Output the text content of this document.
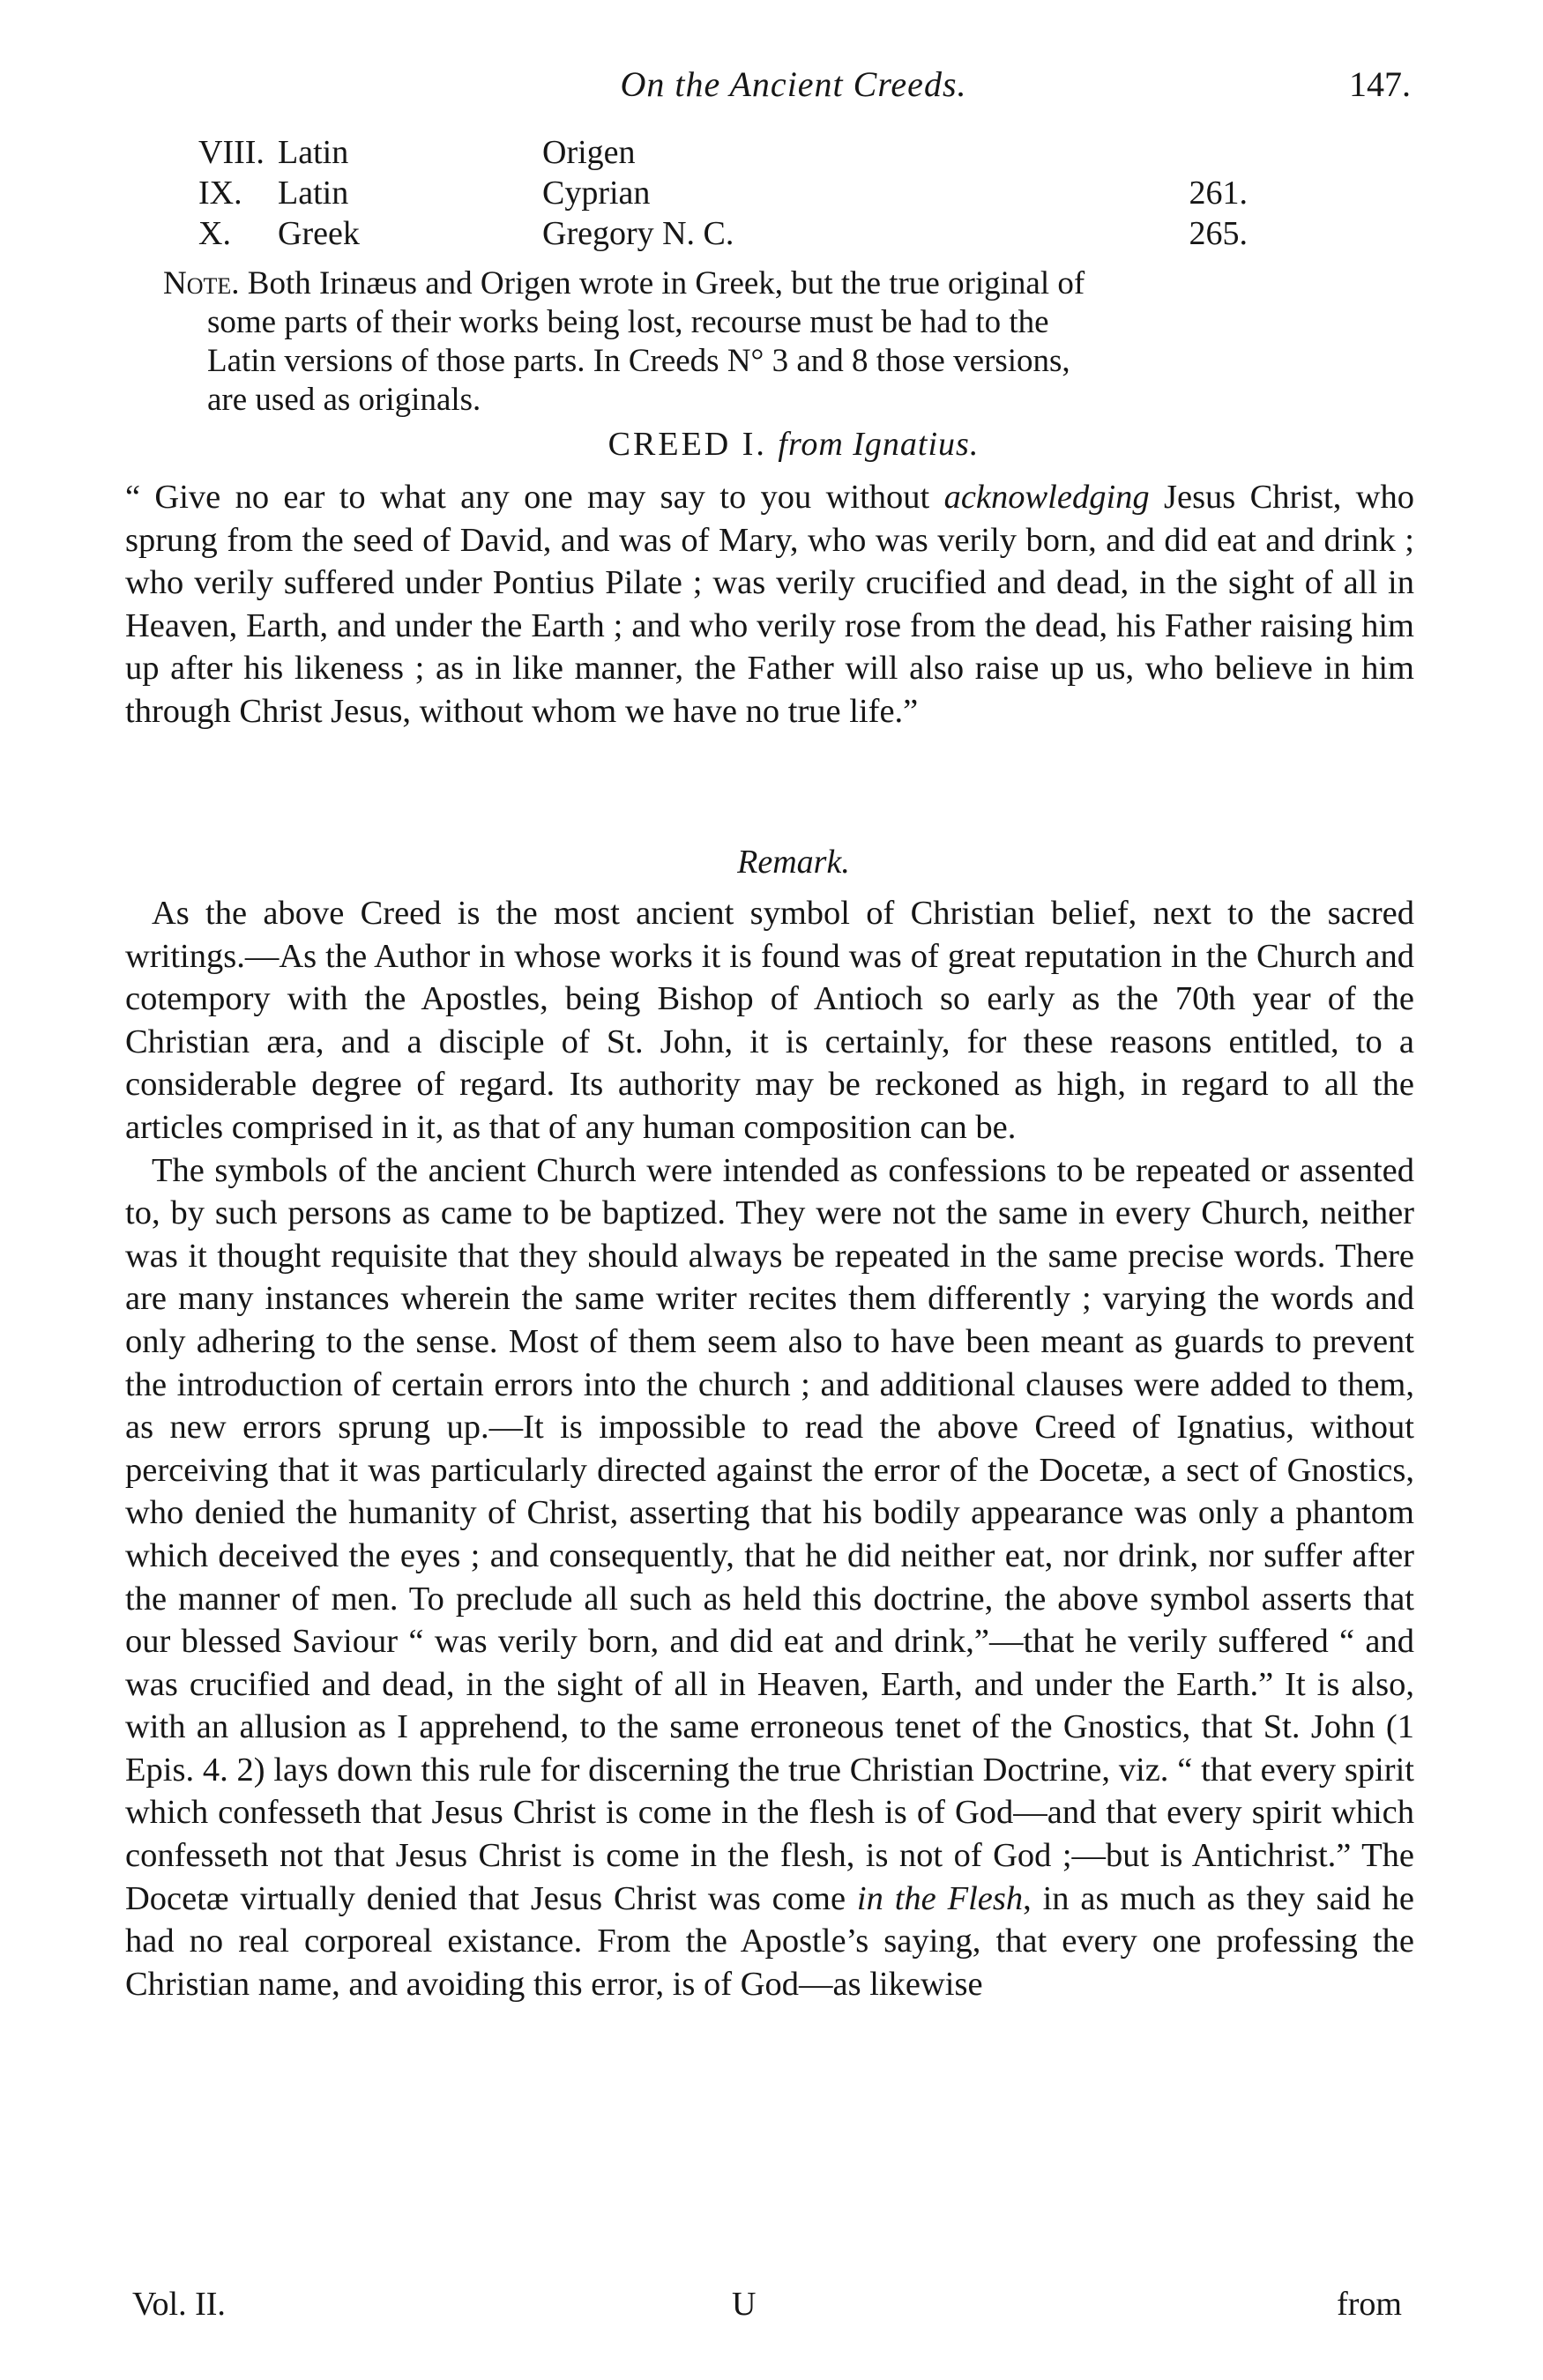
On the Ancient Creeds.	147.
VIII. Latin	Origen
IX.	Latin	Cyprian	261.
X.	Greek	Gregory N. C.	265.
Note. Both Irinæus and Origen wrote in Greek, but the true original of
some parts of their works being lost, recourse must be had to the
Latin versions of those parts. In Creeds N° 3 and 8 those versions,
are used as originals.
CREED I. from Ignatius.

“ Give no ear to what any one may say to you without acknowledging Jesus Christ, who sprung from the seed of David, and was of Mary, who was verily born, and did eat and drink ; who verily suffered under Pontius Pilate ; was verily crucified and dead, in the sight of all in Heaven, Earth, and under the Earth ; and who verily rose from the dead, his Father raising him up after his likeness ; as in like manner, the Father will also raise up us, who believe in him through Christ Jesus, without whom we have no true life.”

Remark.

As the above Creed is the most ancient symbol of Christian belief, next to the sacred writings.—As the Author in whose works it is found was of great reputation in the Church and cotempory with the Apostles, being Bishop of Antioch so early as the 70th year of the Christian æra, and a disciple of St. John, it is certainly, for these reasons entitled, to a considerable degree of regard. Its authority may be reckoned as high, in regard to all the articles comprised in it, as that of any human composition can be.

The symbols of the ancient Church were intended as confessions to be repeated or assented to, by such persons as came to be baptized. They were not the same in every Church, neither was it thought requisite that they should always be repeated in the same precise words. There are many instances wherein the same writer recites them differently ; varying the words and only adhering to the sense. Most of them seem also to have been meant as guards to prevent the introduction of certain errors into the church ; and additional clauses were added to them, as new errors sprung up.—It is impossible to read the above Creed of Ignatius, without perceiving that it was particularly directed against the error of the Docetæ, a sect of Gnostics, who denied the humanity of Christ, asserting that his bodily appearance was only a phantom which deceived the eyes ; and consequently, that he did neither eat, nor drink, nor suffer after the manner of men. To preclude all such as held this doctrine, the above symbol asserts that our blessed Saviour “ was verily born, and did eat and drink,”—that he verily suffered “ and was crucified and dead, in the sight of all in Heaven, Earth, and under the Earth.” It is also, with an allusion as I apprehend, to the same erroneous tenet of the Gnostics, that St. John (1 Epis. 4. 2) lays down this rule for discerning the true Christian Doctrine, viz. “ that every spirit which confesseth that Jesus Christ is come in the flesh is of God—and that every spirit which confesseth not that Jesus Christ is come in the flesh, is not of God ;—but is Antichrist.” The Docetæ virtually denied that Jesus Christ was come in the Flesh, in as much as they said he had no real corporeal existance. From the Apostle’s saying, that every one professing the Christian name, and avoiding this error, is of God—as likewise

Vol. II.	U	from
